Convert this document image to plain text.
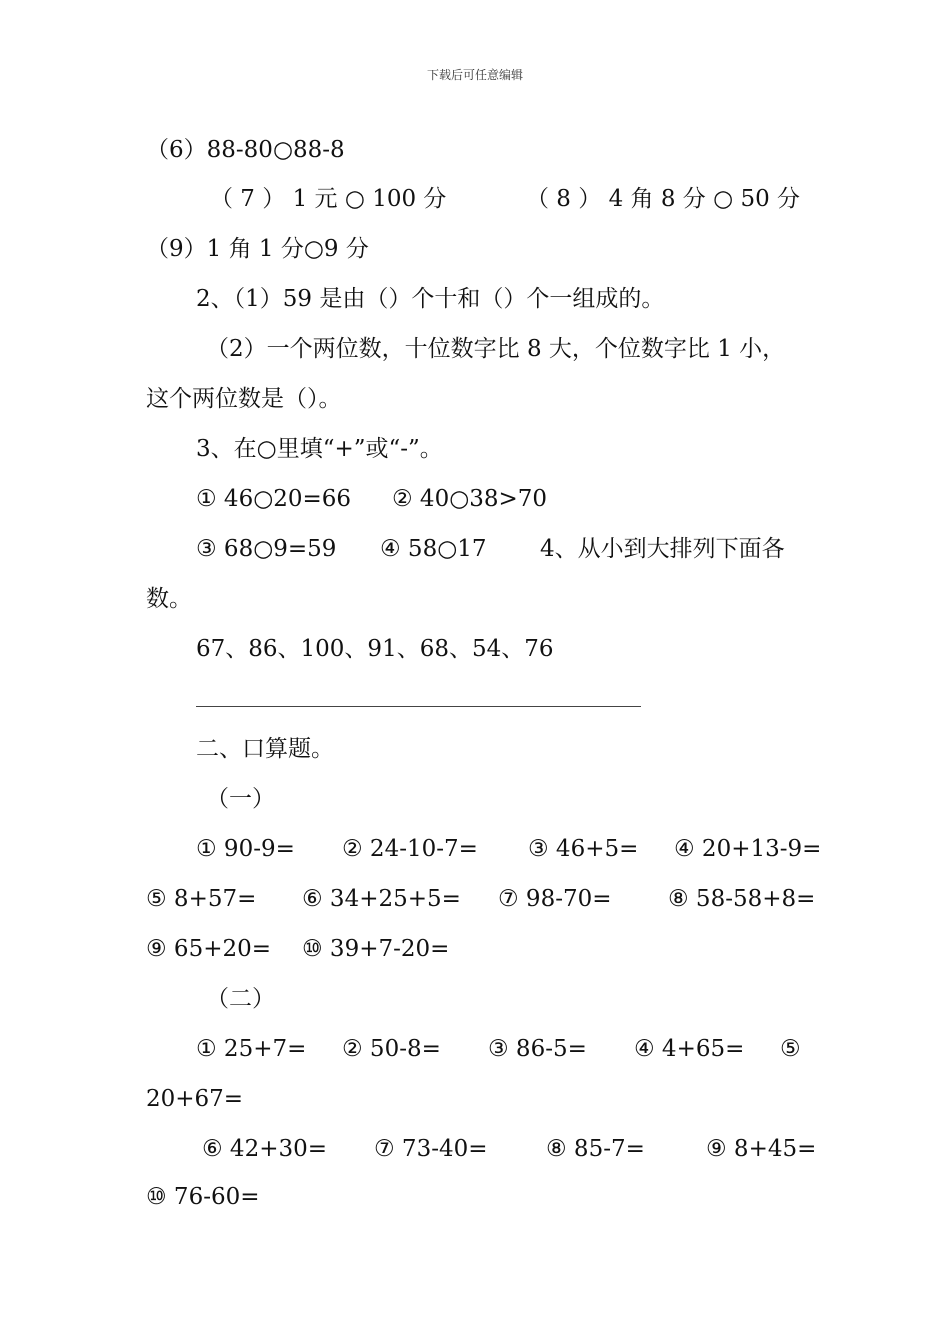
下载后可任意编辑
（6）88-80○88-8
（ 7 ） 1 元 ○ 100 分	（ 8 ） 4 角 8 分 ○ 50 分
（9）1 角 1 分○9 分
2、（1）59 是由（）个十和（）个一组成的。
（2）一个两位数，十位数字比 8 大，个位数字比 1 小，
这个两位数是（）。
3、在○里填“+”或“-”。
① 46○20=66 ② 40○38>70
③ 68○9=59 ④ 58○17 4、从小到大排列下面各
数。
67、86、100、91、68、54、76
二、口算题。
（一）
① 90-9= ② 24-10-7= ③ 46+5= ④ 20+13-9=
⑤ 8+57= ⑥ 34+25+5= ⑦ 98-70= ⑧ 58-58+8=
⑨ 65+20= ⑩ 39+7-20=
（二）
① 25+7= ② 50-8= ③ 86-5= ④ 4+65= ⑤
20+67=
⑥ 42+30= ⑦ 73-40=	⑧ 85-7=	⑨ 8+45=
⑩ 76-60=
